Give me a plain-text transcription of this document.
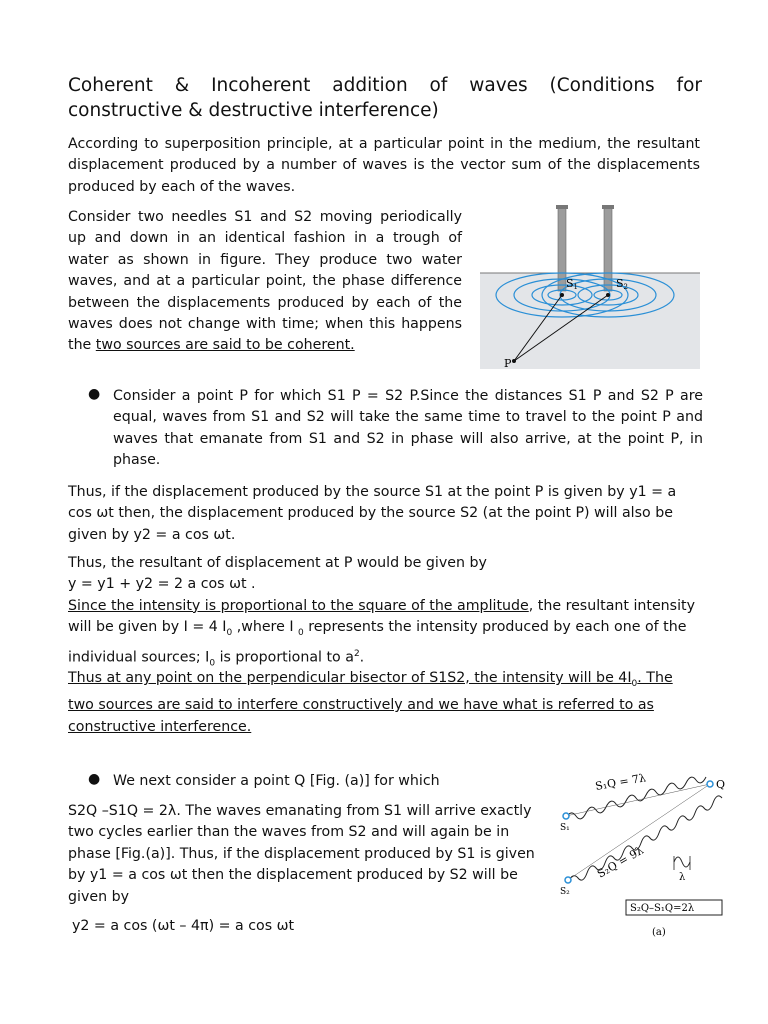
Coherent & Incoherent addition of waves (Conditions for constructive & destructive interference)

According to superposition principle, at a particular point in the medium, the resultant displacement produced by a number of waves is the vector sum of the displacements produced by each of the waves.

Consider two needles S1 and S2 moving periodically up and down in an identical fashion in a trough of water as shown in figure. They produce two water waves, and at a particular point, the phase difference between the displacements produced by each of the waves does not change with time; when this happens the two sources are said to be coherent.

S1	S2
P
● Consider a point P for which S1 P = S2 P.Since the distances S1 P and S2 P are equal, waves from S1 and S2 will take the same time to travel to the point P and waves that emanate from S1 and S2 in phase will also arrive, at the point P, in phase.

Thus, if the displacement produced by the source S1 at the point P is given by y1 = a cos ωt then, the displacement produced by the source S2 (at the point P) will also be given by y2 = a cos ωt.

Thus, the resultant of displacement at P would be given by
y = y1 + y2 = 2 a cos ωt .
Since the intensity is proportional to the square of the amplitude, the resultant intensity will be given by I = 4 $I_0$ ,where I $_0$ represents the intensity produced by each one of the individual sources; $I_0$ is proportional to $a^2$.

Thus at any point on the perpendicular bisector of S1S2, the intensity will be $4I_0$. The two sources are said to interfere constructively and we have what is referred to as constructive interference.

● We next consider a point Q [Fig. (a)] for which

S2Q –S1Q = 2λ. The waves emanating from S1 will arrive exactly two cycles earlier than the waves from S2 and will again be in phase [Fig.(a)]. Thus, if the displacement produced by S1 is given by y1 = a cos ωt then the displacement produced by S2 will be given by

y2 = a cos (ωt – 4π) = a cos ωt

S₁Q = 7λ
S₂Q = 9λ
Q
S₁
S₂
λ
S₂Q–S₁Q=2λ
(a)
